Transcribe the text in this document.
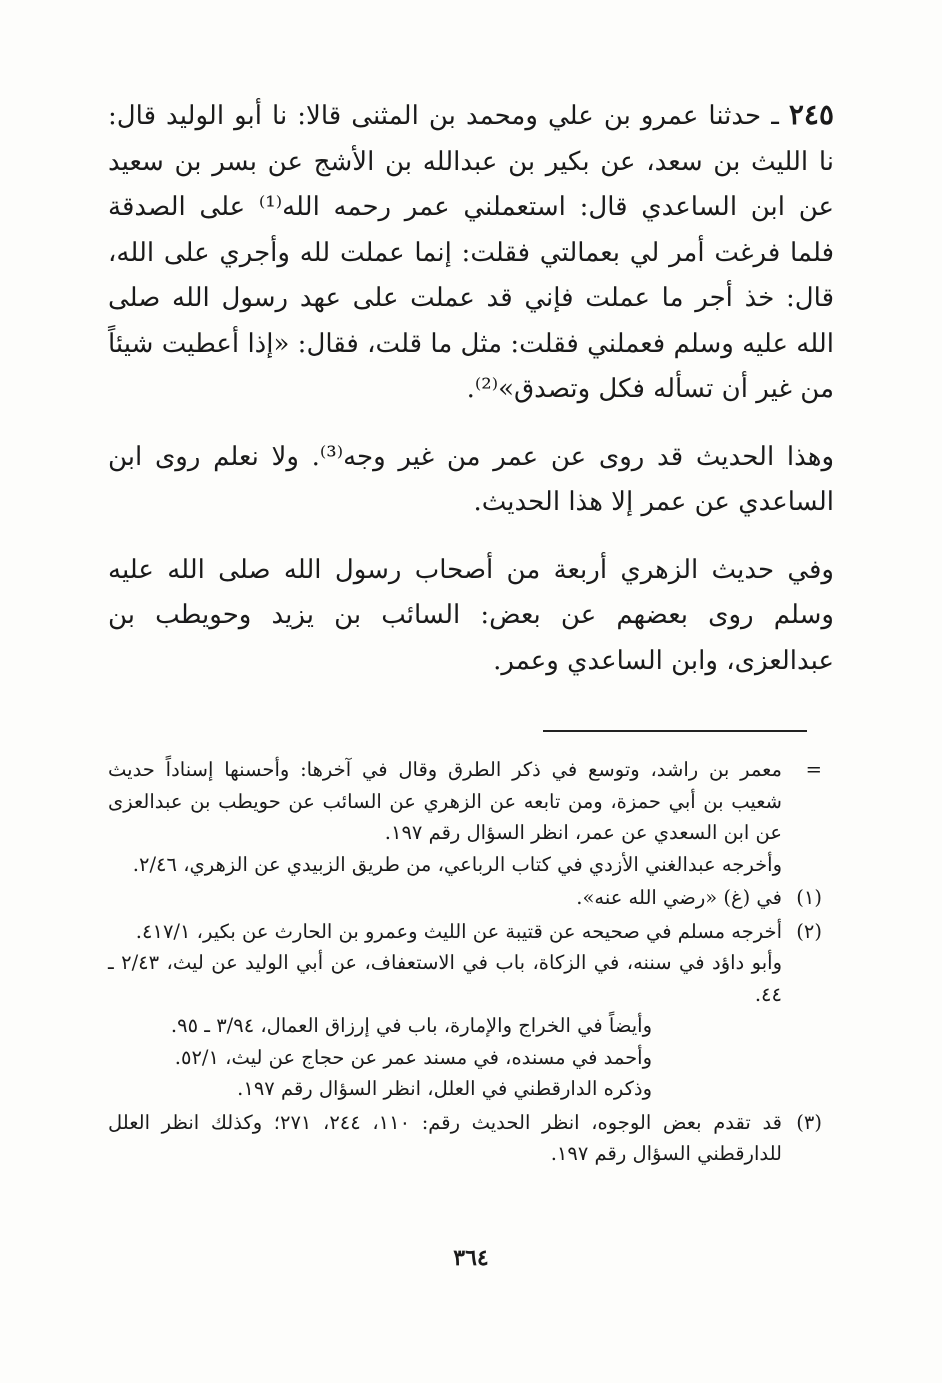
٢٤٥ ـ حدثنا عمرو بن علي ومحمد بن المثنى قالا: نا أبو الوليد قال: نا الليث بن سعد، عن بكير بن عبدالله بن الأشج عن بسر بن سعيد عن ابن الساعدي قال: استعملني عمر رحمه الله⁽¹⁾ على الصدقة فلما فرغت أمر لي بعمالتي فقلت: إنما عملت لله وأجري على الله، قال: خذ أجر ما عملت فإني قد عملت على عهد رسول الله صلى الله عليه وسلم فعملني فقلت: مثل ما قلت، فقال: «إذا أعطيت شيئاً من غير أن تسأله فكل وتصدق»⁽²⁾.

وهذا الحديث قد روى عن عمر من غير وجه⁽³⁾. ولا نعلم روى ابن الساعدي عن عمر إلا هذا الحديث.

وفي حديث الزهري أربعة من أصحاب رسول الله صلى الله عليه وسلم روى بعضهم عن بعض: السائب بن يزيد وحويطب بن عبدالعزى، وابن الساعدي وعمر.

=
معمر بن راشد، وتوسع في ذكر الطرق وقال في آخرها: وأحسنها إسناداً حديث شعيب بن أبي حمزة، ومن تابعه عن الزهري عن السائب عن حويطب بن عبدالعزى عن ابن السعدي عن عمر، انظر السؤال رقم ١٩٧.
وأخرجه عبدالغني الأزدي في كتاب الرباعي، من طريق الزبيدي عن الزهري، ٢/٤٦.
(١)
في (غ) «رضي الله عنه».
(٢)
أخرجه مسلم في صحيحه عن قتيبة عن الليث وعمرو بن الحارث عن بكير، ٤١٧/١.
وأبو داؤد في سننه، في الزكاة، باب في الاستعفاف، عن أبي الوليد عن ليث، ٢/٤٣ ـ ٤٤.
وأيضاً في الخراج والإمارة، باب في إرزاق العمال، ٣/٩٤ ـ ٩٥.
وأحمد في مسنده، في مسند عمر عن حجاج عن ليث، ٥٢/١.
وذكره الدارقطني في العلل، انظر السؤال رقم ١٩٧.
(٣)
قد تقدم بعض الوجوه، انظر الحديث رقم: ١١٠، ٢٤٤، ٢٧١؛ وكذلك انظر العلل للدارقطني السؤال رقم ١٩٧.
٣٦٤
